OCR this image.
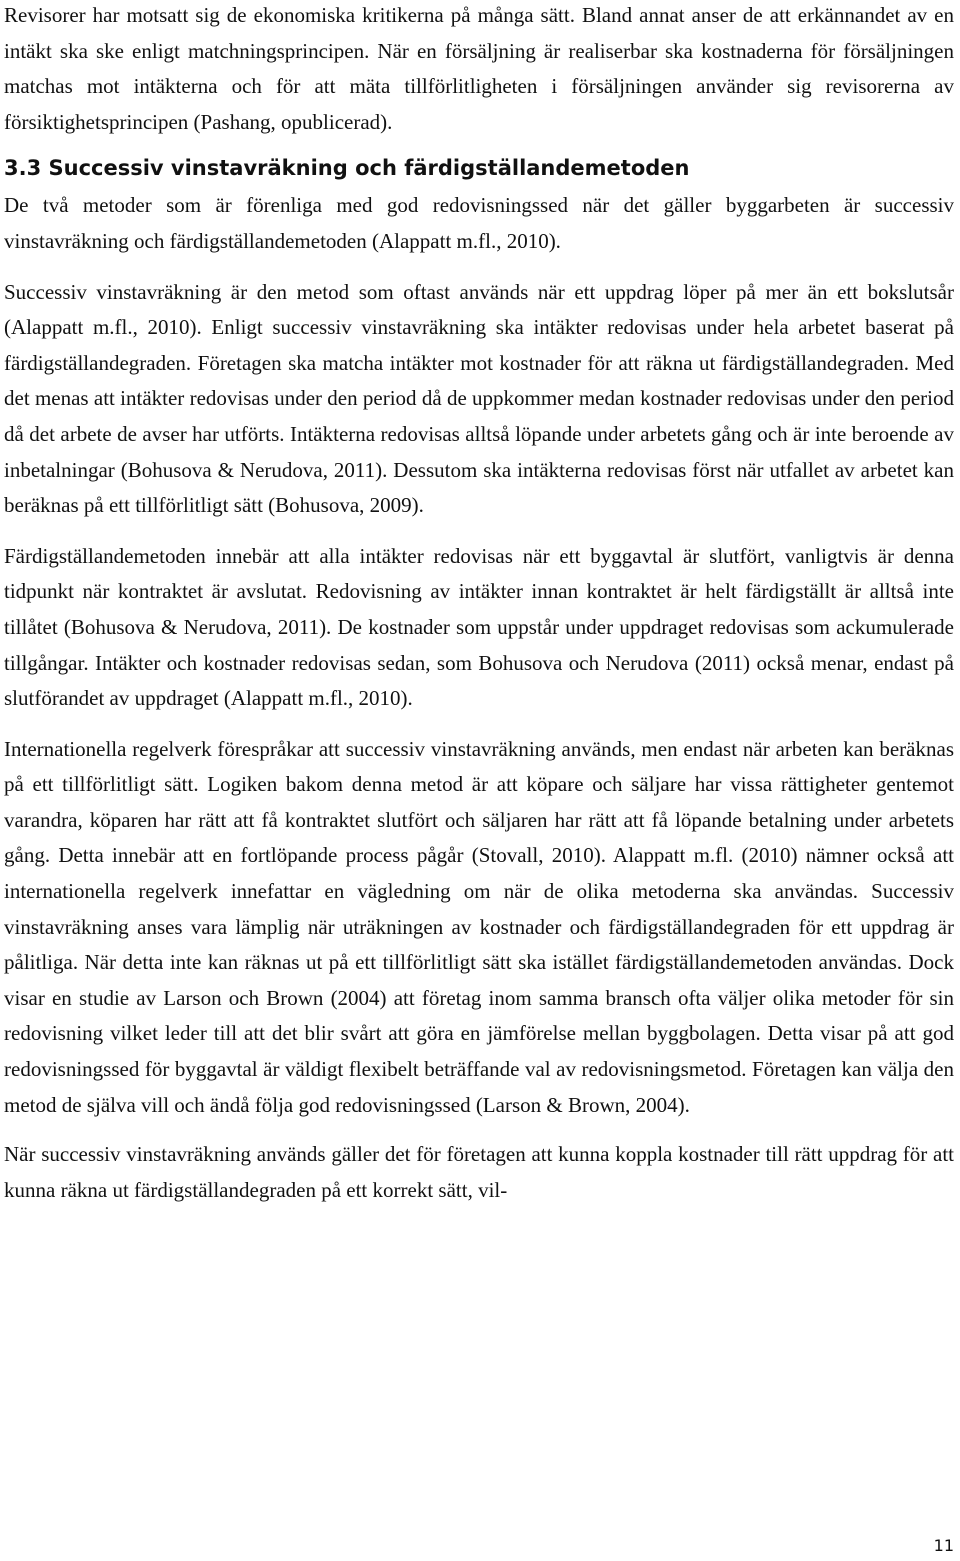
Revisorer har motsatt sig de ekonomiska kritikerna på många sätt. Bland annat anser de att erkännandet av en intäkt ska ske enligt matchningsprincipen. När en försäljning är realiserbar ska kostnaderna för försäljningen matchas mot intäkterna och för att mäta tillförlitligheten i försäljningen använder sig revisorerna av försiktighetsprincipen (Pashang, opublicerad).

3.3 Successiv vinstavräkning och färdigställandemetoden

De två metoder som är förenliga med god redovisningssed när det gäller byggarbeten är successiv vinstavräkning och färdigställandemetoden (Alappatt m.fl., 2010).

Successiv vinstavräkning är den metod som oftast används när ett uppdrag löper på mer än ett bokslutsår (Alappatt m.fl., 2010). Enligt successiv vinstavräkning ska intäkter redovisas under hela arbetet baserat på färdigställandegraden. Företagen ska matcha intäkter mot kostnader för att räkna ut färdigställandegraden. Med det menas att intäkter redovisas under den period då de uppkommer medan kostnader redovisas under den period då det arbete de avser har utförts. Intäkterna redovisas alltså löpande under arbetets gång och är inte beroende av inbetalningar (Bohusova & Nerudova, 2011). Dessutom ska intäkterna redovisas först när utfallet av arbetet kan beräknas på ett tillförlitligt sätt (Bohusova, 2009).

Färdigställandemetoden innebär att alla intäkter redovisas när ett byggavtal är slutfört, vanligtvis är denna tidpunkt när kontraktet är avslutat. Redovisning av intäkter innan kontraktet är helt färdigställt är alltså inte tillåtet (Bohusova & Nerudova, 2011). De kostnader som uppstår under uppdraget redovisas som ackumulerade tillgångar. Intäkter och kostnader redovisas sedan, som Bohusova och Nerudova (2011) också menar, endast på slutförandet av uppdraget (Alappatt m.fl., 2010).

Internationella regelverk förespråkar att successiv vinstavräkning används, men endast när arbeten kan beräknas på ett tillförlitligt sätt. Logiken bakom denna metod är att köpare och säljare har vissa rättigheter gentemot varandra, köparen har rätt att få kontraktet slutfört och säljaren har rätt att få löpande betalning under arbetets gång. Detta innebär att en fortlöpande process pågår (Stovall, 2010). Alappatt m.fl. (2010) nämner också att internationella regelverk innefattar en vägledning om när de olika metoderna ska användas. Successiv vinstavräkning anses vara lämplig när uträkningen av kostnader och färdigställandegraden för ett uppdrag är pålitliga. När detta inte kan räknas ut på ett tillförlitligt sätt ska istället färdigställandemetoden användas. Dock visar en studie av Larson och Brown (2004) att företag inom samma bransch ofta väljer olika metoder för sin redovisning vilket leder till att det blir svårt att göra en jämförelse mellan byggbolagen. Detta visar på att god redovisningssed för byggavtal är väldigt flexibelt beträffande val av redovisningsmetod. Företagen kan välja den metod de själva vill och ändå följa god redovisningssed (Larson & Brown, 2004).

När successiv vinstavräkning används gäller det för företagen att kunna koppla kostnader till rätt uppdrag för att kunna räkna ut färdigställandegraden på ett korrekt sätt, vil-

11
